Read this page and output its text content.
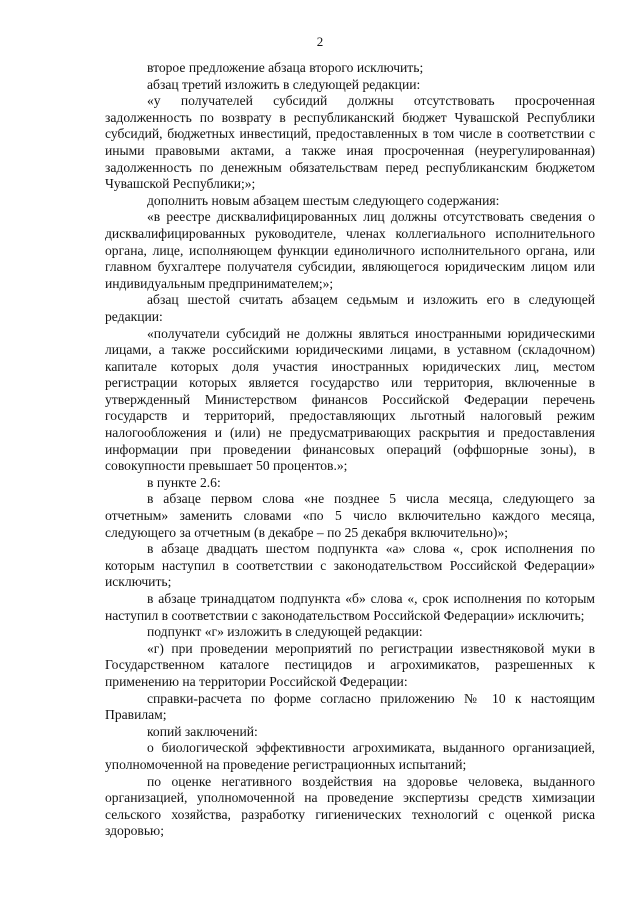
2

второе предложение абзаца второго исключить;

абзац третий изложить в следующей редакции:

«у получателей субсидий должны отсутствовать просроченная задолженность по возврату в республиканский бюджет Чувашской Республики субсидий, бюджетных инвестиций, предоставленных в том числе в соответствии с иными правовыми актами, а также иная просроченная (неурегулированная) задолженность по денежным обязательствам перед республиканским бюджетом Чувашской Республики;»;

дополнить новым абзацем шестым следующего содержания:

«в реестре дисквалифицированных лиц должны отсутствовать сведения о дисквалифицированных руководителе, членах коллегиального исполнительного органа, лице, исполняющем функции единоличного исполнительного органа, или главном бухгалтере получателя субсидии, являющегося юридическим лицом или индивидуальным предпринимателем;»;

абзац шестой считать абзацем седьмым и изложить его в следующей редакции:

«получатели субсидий не должны являться иностранными юридическими лицами, а также российскими юридическими лицами, в уставном (складочном) капитале которых доля участия иностранных юридических лиц, местом регистрации которых является государство или территория, включенные в утвержденный Министерством финансов Российской Федерации перечень государств и территорий, предоставляющих льготный налоговый режим налогообложения и (или) не предусматривающих раскрытия и предоставления информации при проведении финансовых операций (оффшорные зоны), в совокупности превышает 50 процентов.»;

в пункте 2.6:

в абзаце первом слова «не позднее 5 числа месяца, следующего за отчетным» заменить словами «по 5 число включительно каждого месяца, следующего за отчетным (в декабре – по 25 декабря включительно)»;

в абзаце двадцать шестом подпункта «а» слова «, срок исполнения по которым наступил в соответствии с законодательством Российской Федерации» исключить;

в абзаце тринадцатом подпункта «б» слова «, срок исполнения по которым наступил в соответствии с законодательством Российской Федерации» исключить;

подпункт «г» изложить в следующей редакции:

«г) при проведении мероприятий по регистрации известняковой муки в Государственном каталоге пестицидов и агрохимикатов, разрешенных к применению на территории Российской Федерации:

справки-расчета по форме согласно приложению № 10 к настоящим Правилам;

копий заключений:

о биологической эффективности агрохимиката, выданного организацией, уполномоченной на проведение регистрационных испытаний;

по оценке негативного воздействия на здоровье человека, выданного организацией, уполномоченной на проведение экспертизы средств химизации сельского хозяйства, разработку гигиенических технологий с оценкой риска здоровью;
